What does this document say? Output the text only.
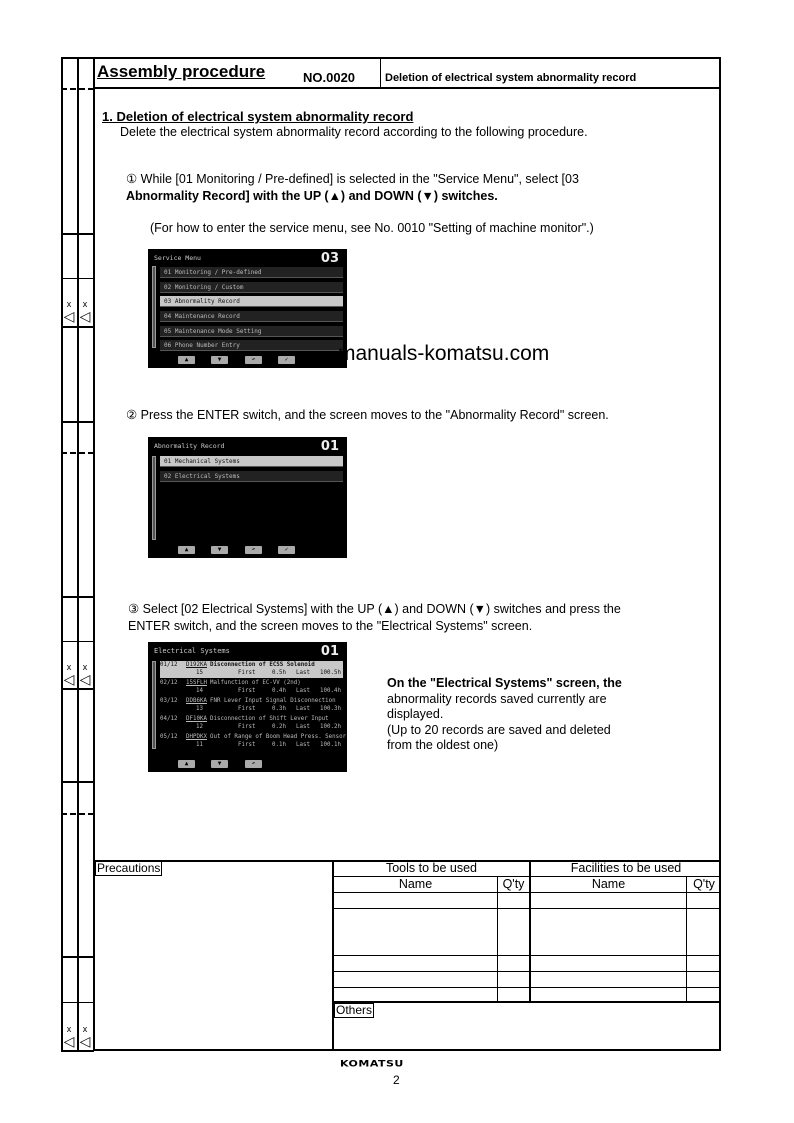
x
◁
x
◁
x
◁
x
◁
x
◁
x
◁
Assembly procedure	NO.0020	Deletion of electrical system abnormality record
1. Deletion of electrical system abnormality record
Delete the electrical system abnormality record according to the following procedure.
① While [01 Monitoring / Pre-defined] is selected in the "Service Menu", select [03
Abnormality Record] with the UP (▲) and DOWN (▼) switches.
(For how to enter the service menu, see No. 0010 "Setting of machine monitor".)
Service Menu	03
01 Monitoring / Pre-defined
02 Monitoring / Custom
03 Abnormality Record
04 Maintenance Record
05 Maintenance Mode Setting
06 Phone Number Entry
▲	▼	↶	✓	manuals-komatsu.com
② Press the ENTER switch, and the screen moves to the "Abnormality Record" screen.
Abnormality Record	01
01 Mechanical Systems
02 Electrical Systems
▲	▼	↶	✓
③ Select [02 Electrical Systems] with the UP (▲) and DOWN (▼) switches and press the
ENTER switch, and the screen moves to the "Electrical Systems" screen.
Electrical Systems	01
01/12 D192KA Disconnection of ECSS Solenoid
15	First	0.5h Last 100.5h
02/12 15SFLH Malfunction of EC-VV (2nd)
14	First	0.4h Last 100.4h
03/12 DDB6KA FNR Lever Input Signal Disconnection
13	First	0.3h Last 100.3h
04/12 DF10KA Disconnection of Shift Lever Input
12	First	0.2h Last 100.2h
05/12 DHPDKX Out of Range of Boom Head Press. Sensor
11	First	0.1h Last 100.1h
▲	▼	↶
On the "Electrical Systems" screen, the
abnormality records saved currently are
displayed.
(Up to 20 records are saved and deleted
from the oldest one)
Precautions	Tools to be used	Facilities to be used
Name	Q'ty	Name	Q'ty
Others
KOMATSU
2
